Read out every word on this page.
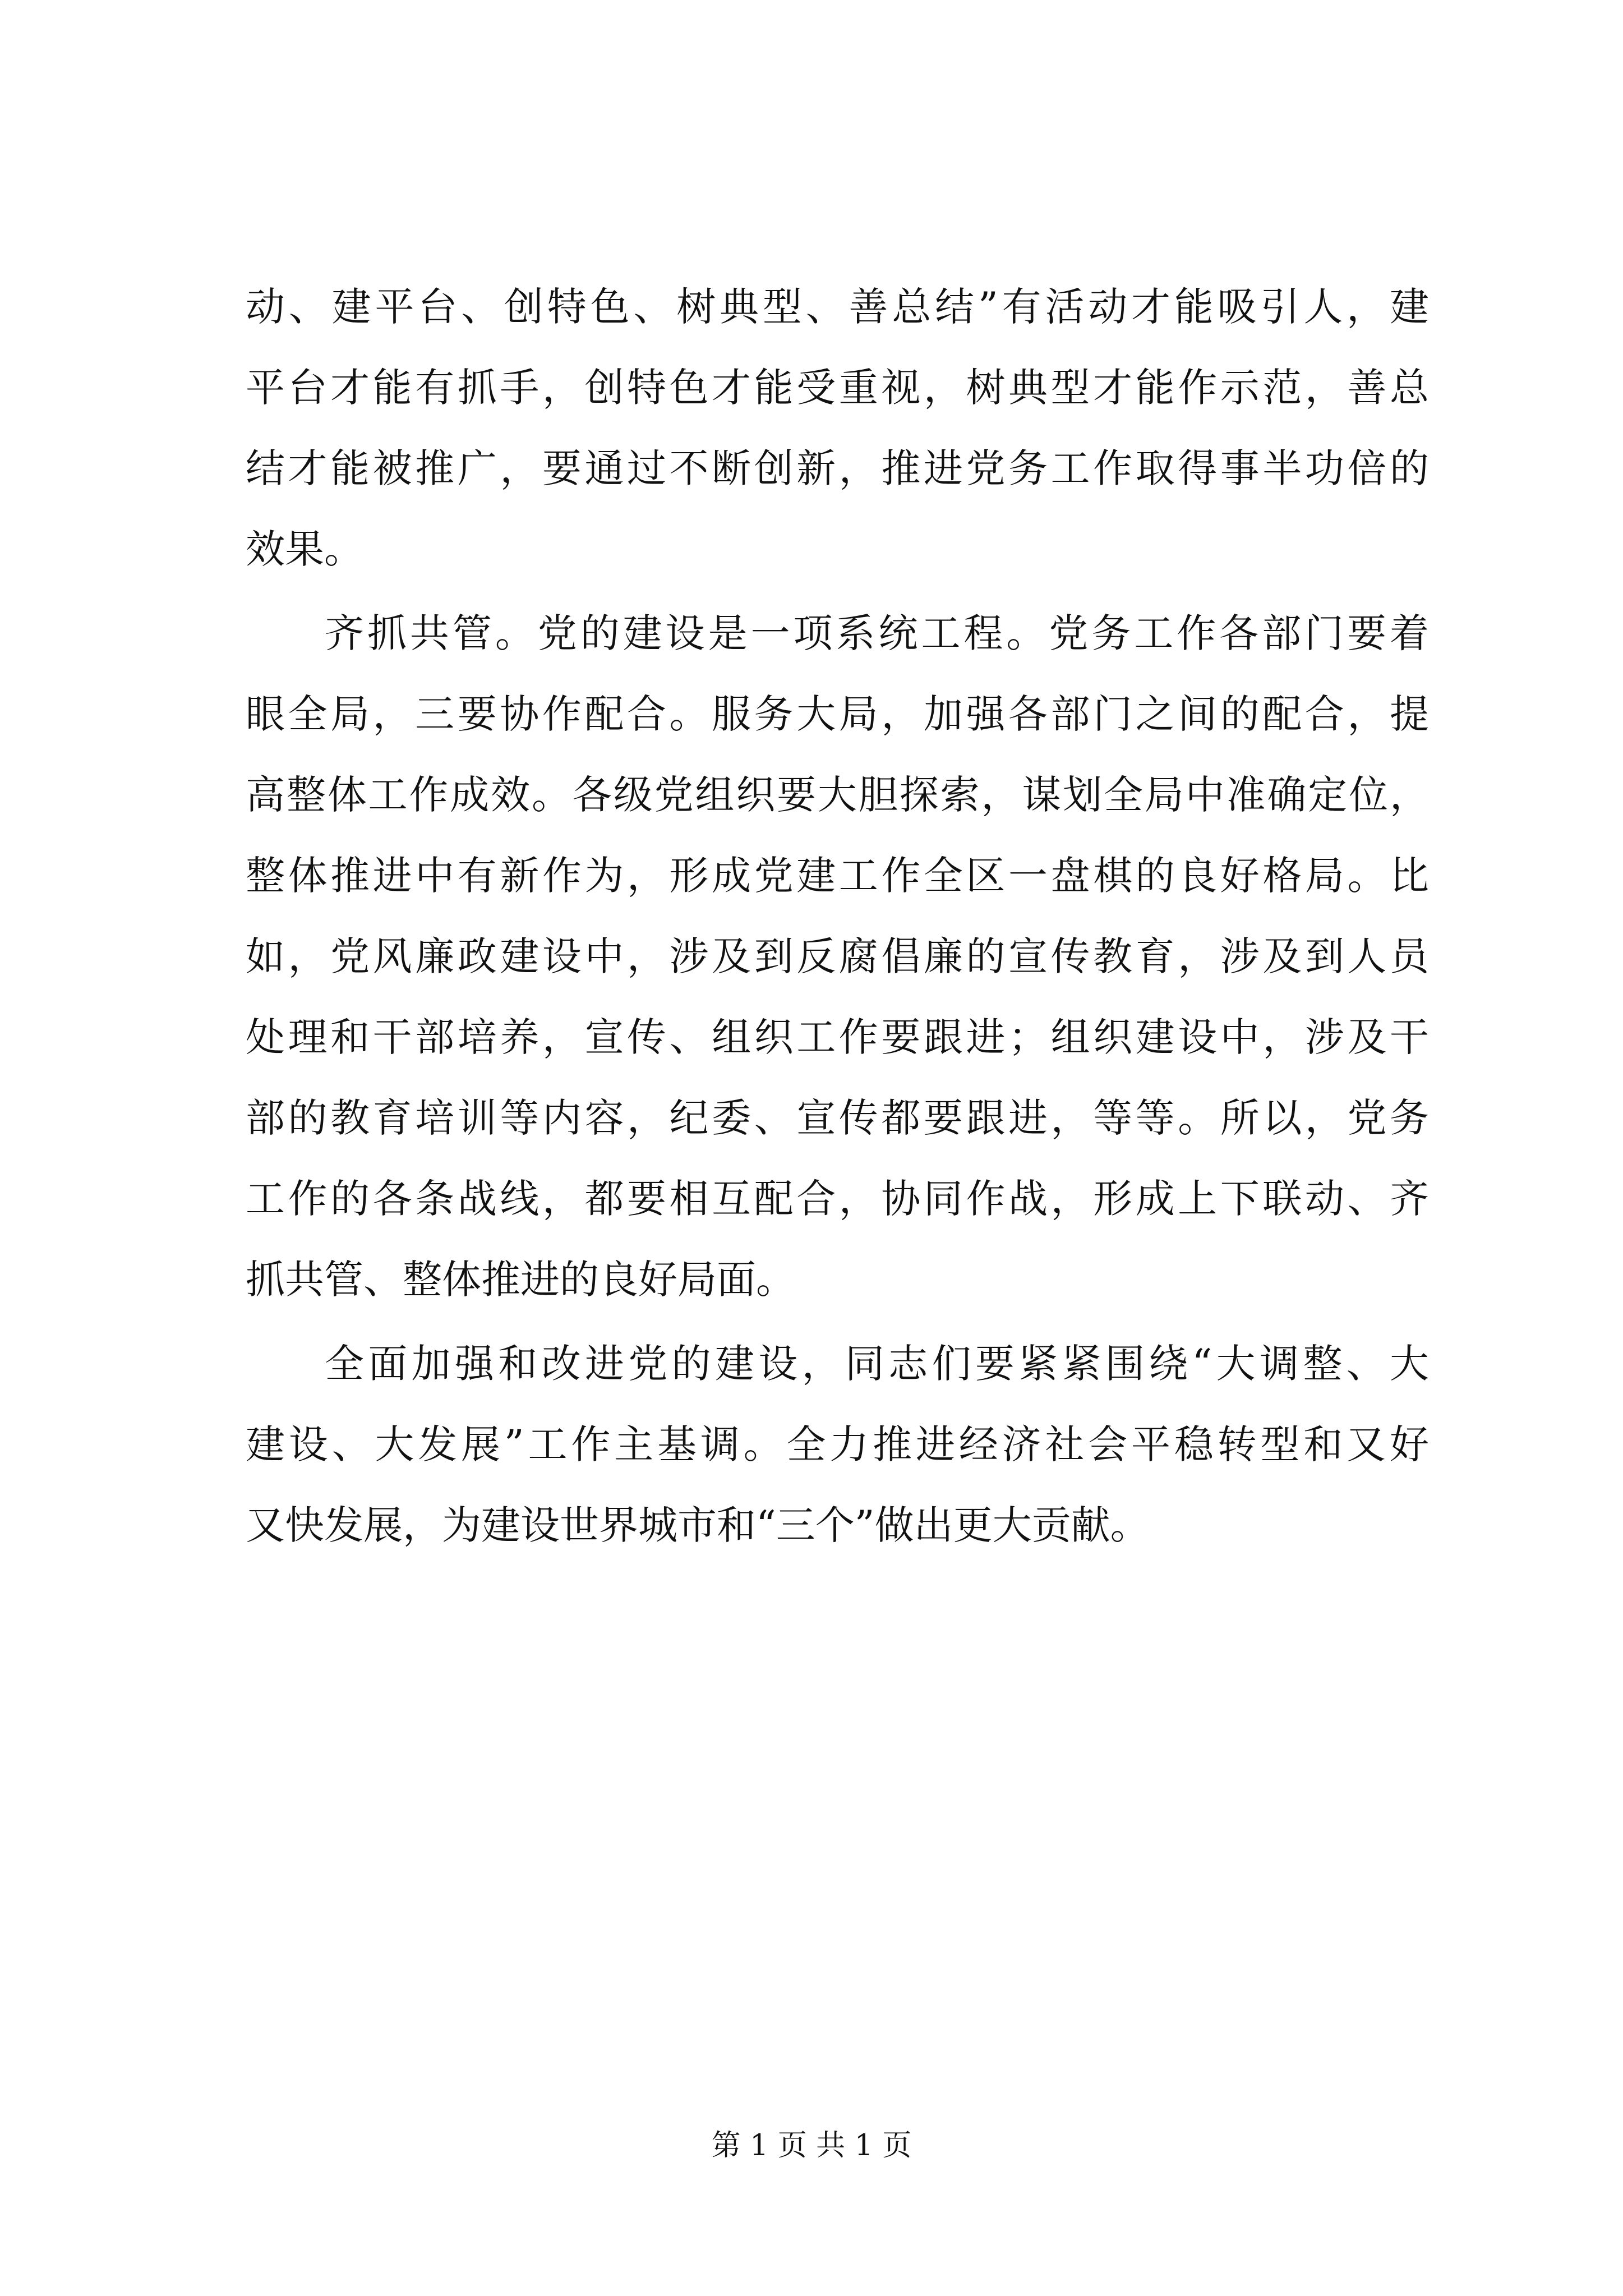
动、建平台、创特色、树典型、善总结”有活动才能吸引人，建
平台才能有抓手，创特色才能受重视，树典型才能作示范，善总
结才能被推广，要通过不断创新，推进党务工作取得事半功倍的
效果。
齐抓共管。党的建设是一项系统工程。党务工作各部门要着
眼全局，三要协作配合。服务大局，加强各部门之间的配合，提
高整体工作成效。各级党组织要大胆探索，谋划全局中准确定位，
整体推进中有新作为，形成党建工作全区一盘棋的良好格局。比
如，党风廉政建设中，涉及到反腐倡廉的宣传教育，涉及到人员
处理和干部培养，宣传、组织工作要跟进；组织建设中，涉及干
部的教育培训等内容，纪委、宣传都要跟进，等等。所以，党务
工作的各条战线，都要相互配合，协同作战，形成上下联动、齐
抓共管、整体推进的良好局面。
全面加强和改进党的建设，同志们要紧紧围绕“大调整、大
建设、大发展”工作主基调。全力推进经济社会平稳转型和又好
又快发展，为建设世界城市和“三个”做出更大贡献。
第 1 页 共 1 页
